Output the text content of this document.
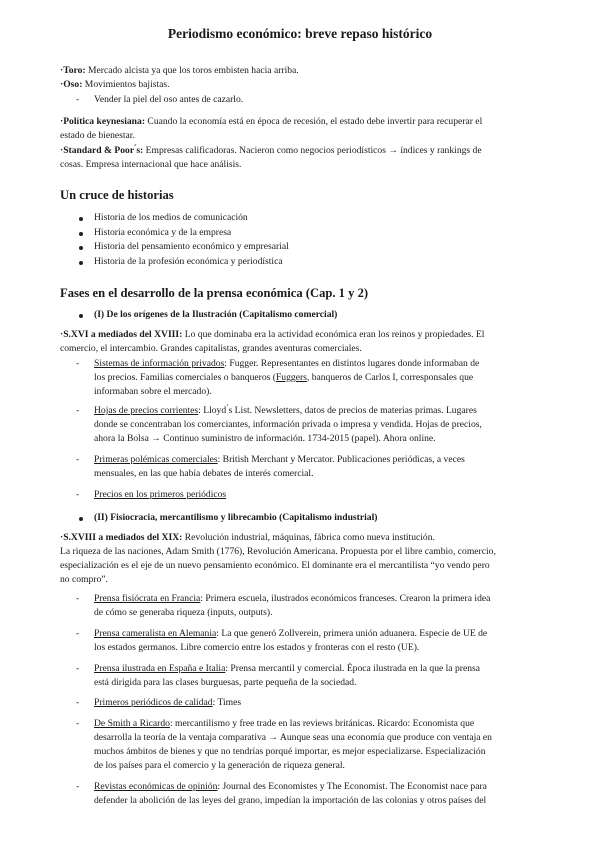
Periodismo económico: breve repaso histórico
·Toro: Mercado alcista ya que los toros embisten hacia arriba.
·Oso: Movimientos bajistas.
- Vender la piel del oso antes de cazarlo.
·Política keynesiana: Cuando la economía está en época de recesión, el estado debe invertir para recuperar el
estado de bienestar.
·Standard & Poor ́s: Empresas calificadoras. Nacieron como negocios periodísticos → índices y rankings de
cosas. Empresa internacional que hace análisis.
Un cruce de historias
Historia de los medios de comunicación
Historia económica y de la empresa
Historia del pensamiento económico y empresarial
Historia de la profesión económica y periodística
Fases en el desarrollo de la prensa económica (Cap. 1 y 2)
(I) De los orígenes de la Ilustración (Capitalismo comercial)
·S.XVI a mediados del XVIII: Lo que dominaba era la actividad económica eran los reinos y propiedades. El
comercio, el intercambio. Grandes capitalistas, grandes aventuras comerciales.
- Sistemas de información privados: Fugger. Representantes en distintos lugares donde informaban de
los precios. Familias comerciales o banqueros (Fuggers, banqueros de Carlos I, corresponsales que
informaban sobre el mercado).
- Hojas de precios corrientes: Lloyd ́s List. Newsletters, datos de precios de materias primas. Lugares
donde se concentraban los comerciantes, información privada o impresa y vendida. Hojas de precios,
ahora la Bolsa → Continuo suministro de información. 1734-2015 (papel). Ahora online.
- Primeras polémicas comerciales: British Merchant y Mercator. Publicaciones periódicas, a veces
mensuales, en las que había debates de interés comercial.
- Precios en los primeros periódicos
(II) Fisiocracia, mercantilismo y librecambio (Capitalismo industrial)
·S.XVIII a mediados del XIX: Revolución industrial, máquinas, fábrica como nueva institución.
La riqueza de las naciones, Adam Smith (1776), Revolución Americana. Propuesta por el libre cambio, comercio,
especialización es el eje de un nuevo pensamiento económico. El dominante era el mercantilista “yo vendo pero
no compro”.
- Prensa fisiócrata en Francia: Primera escuela, ilustrados económicos franceses. Crearon la primera idea
de cómo se generaba riqueza (inputs, outputs).
- Prensa cameralista en Alemania: La que generó Zollverein, primera unión aduanera. Especie de UE de
los estados germanos. Libre comercio entre los estados y fronteras con el resto (UE).
- Prensa ilustrada en España e Italia: Prensa mercantil y comercial. Época ilustrada en la que la prensa
está dirigida para las clases burguesas, parte pequeña de la sociedad.
- Primeros periódicos de calidad: Times
- De Smith a Ricardo: mercantilismo y free trade en las reviews británicas. Ricardo: Economista que
desarrolla la teoría de la ventaja comparativa → Aunque seas una economía que produce con ventaja en
muchos ámbitos de bienes y que no tendrías porqué importar, es mejor especializarse. Especialización
de los países para el comercio y la generación de riqueza general.
- Revistas económicas de opinión: Journal des Economistes y The Economist. The Economist nace para
defender la abolición de las leyes del grano, impedían la importación de las colonias y otros países del
